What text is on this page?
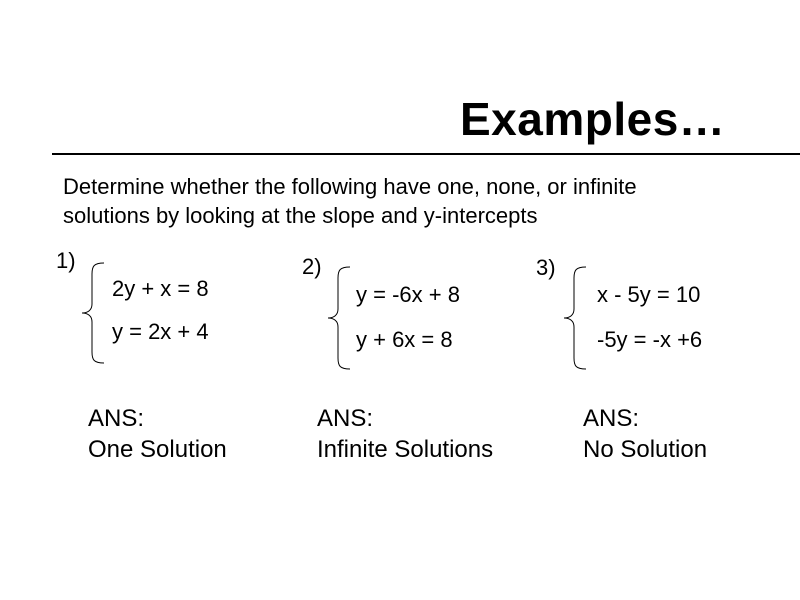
Examples…
Determine whether the following have one, none, or infinite
solutions by looking at the slope and y-intercepts
1)
2y + x = 8
y = 2x + 4
ANS:
One Solution
2)
y = -6x + 8
y + 6x = 8
ANS:
Infinite Solutions
3)
x - 5y = 10
-5y = -x +6
ANS:
No Solution
